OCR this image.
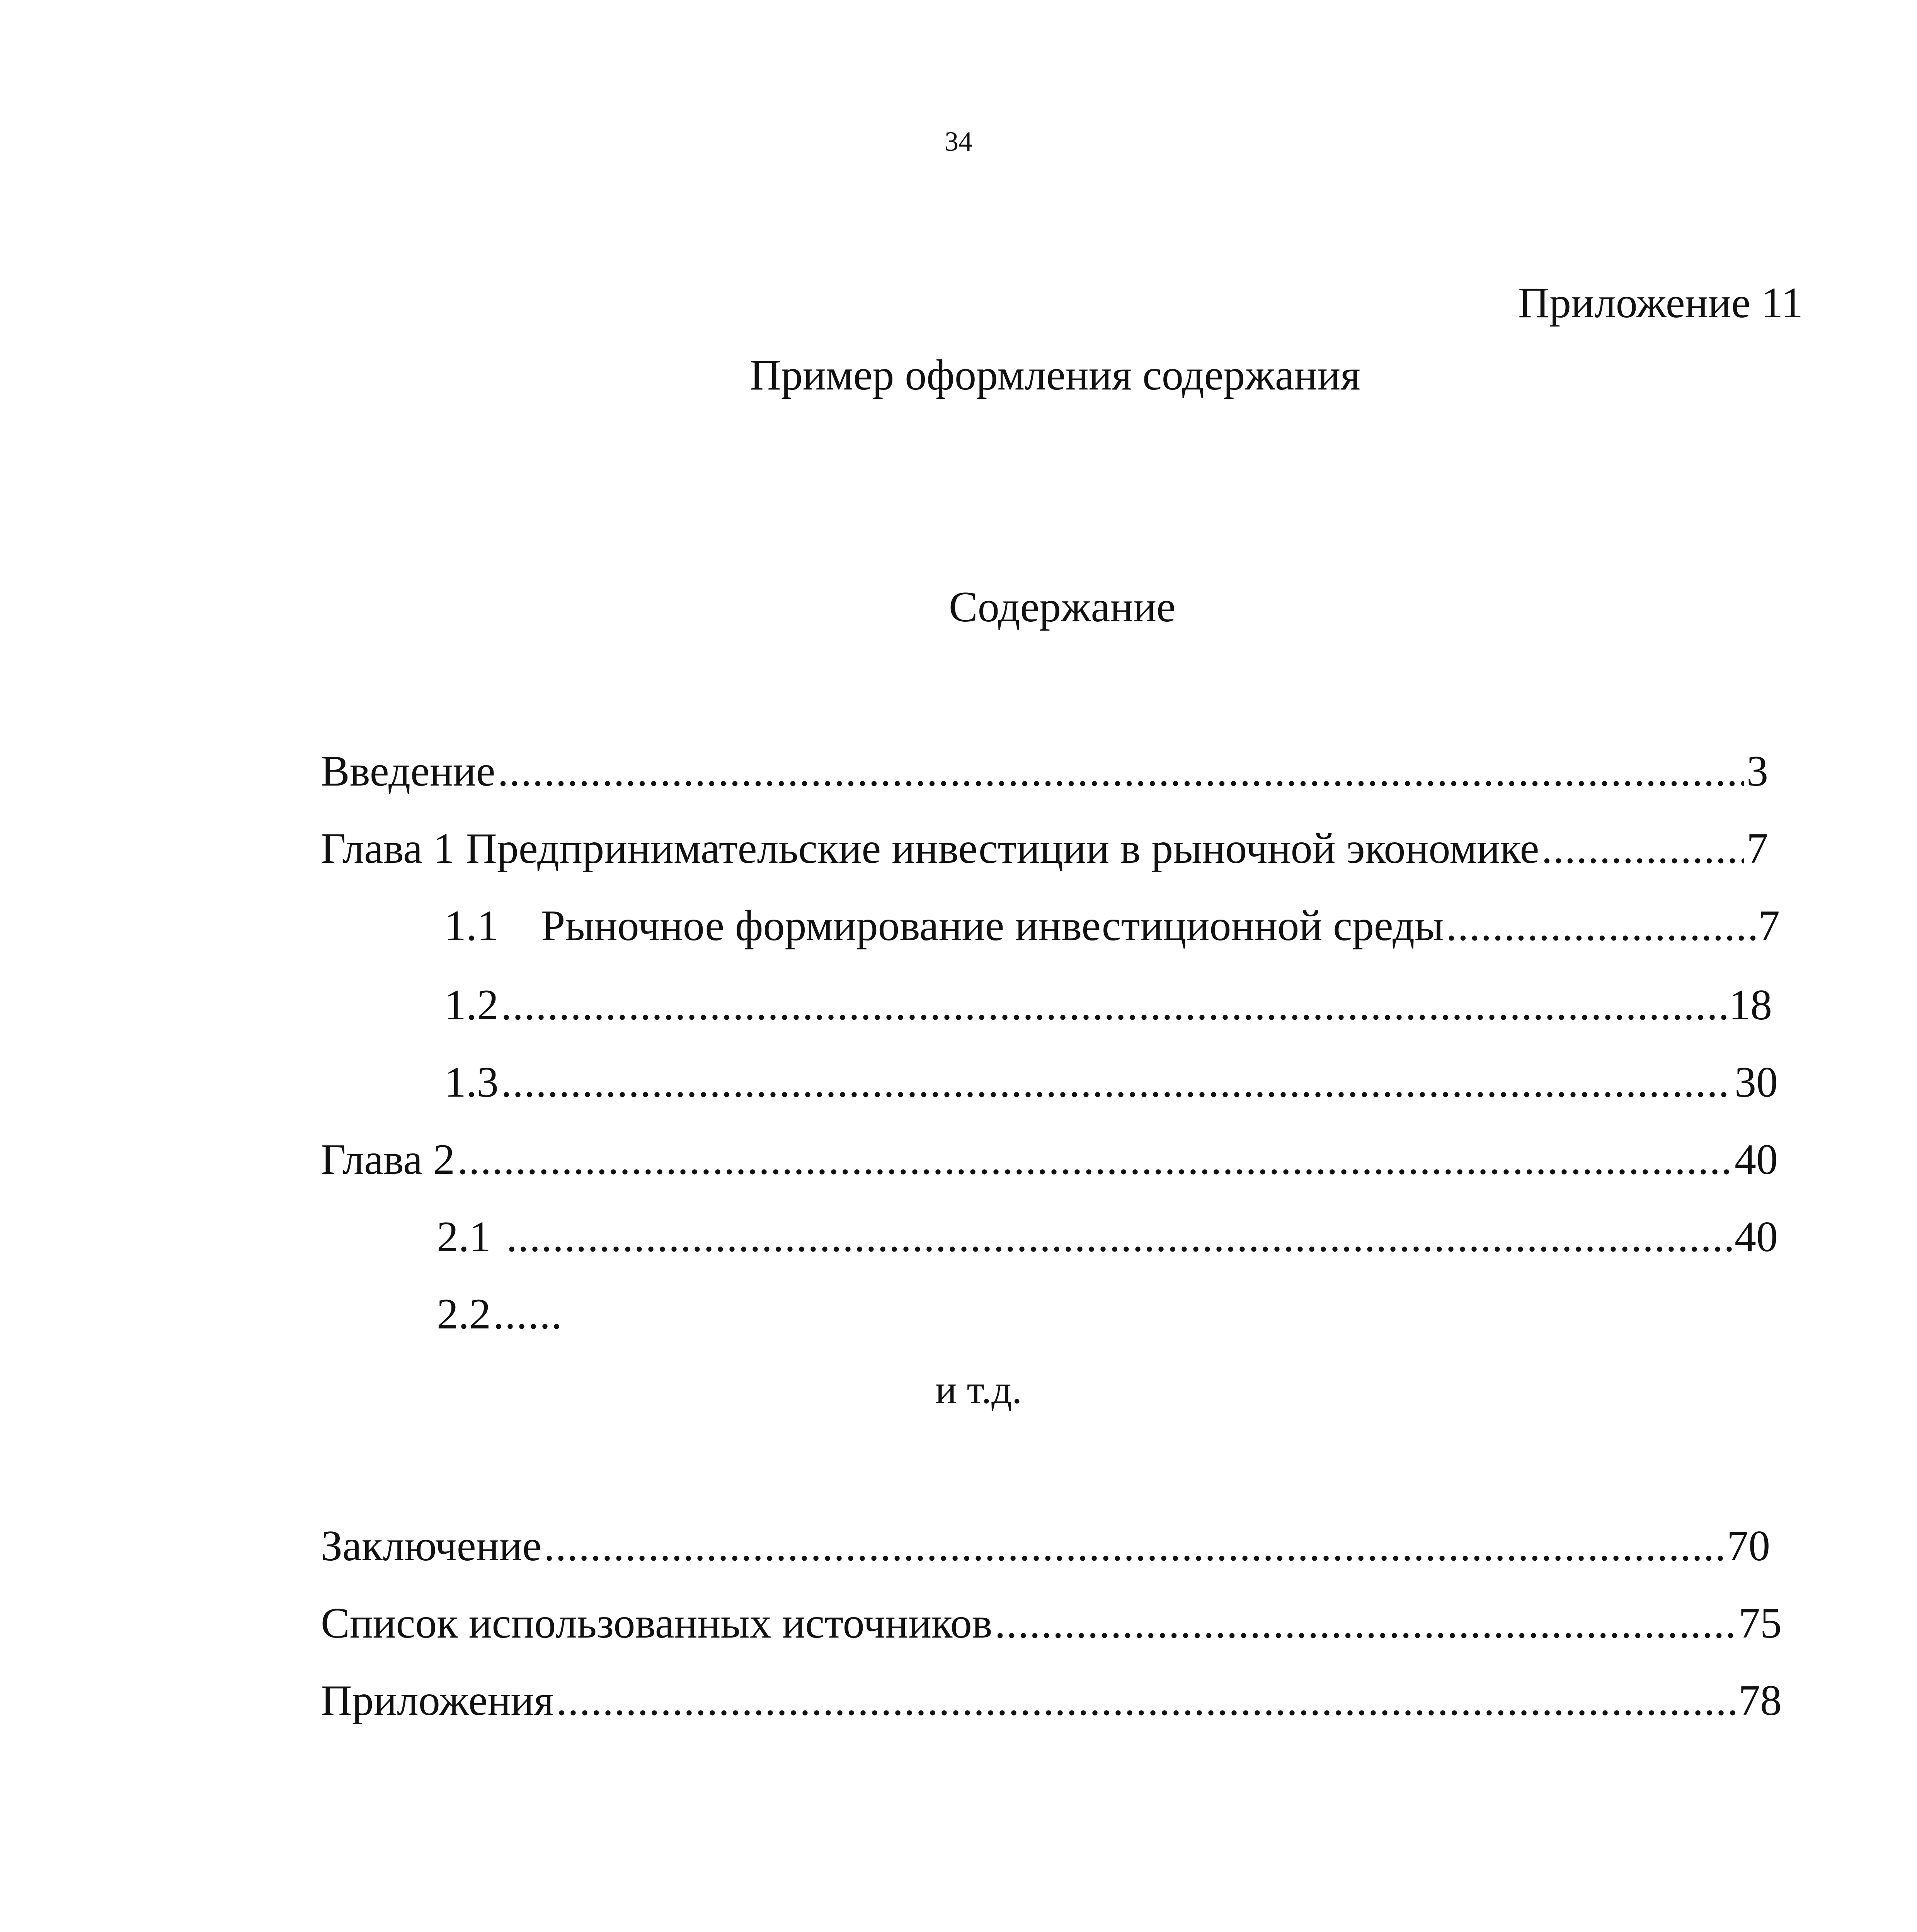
34
Приложение 11
Пример оформления содержания
Содержание
Введение .....	3
Глава 1 Предпринимательские инвестиции в рыночной экономике .....	7
1.1 Рыночное формирование инвестиционной среды .....	7
1.2 .....	18
1.3 .....	30
Глава 2 .....	40
2.1 .....	40
2.2 ......
и т.д.
Заключение .....	70
Список использованных источников .....	75
Приложения .....	78
